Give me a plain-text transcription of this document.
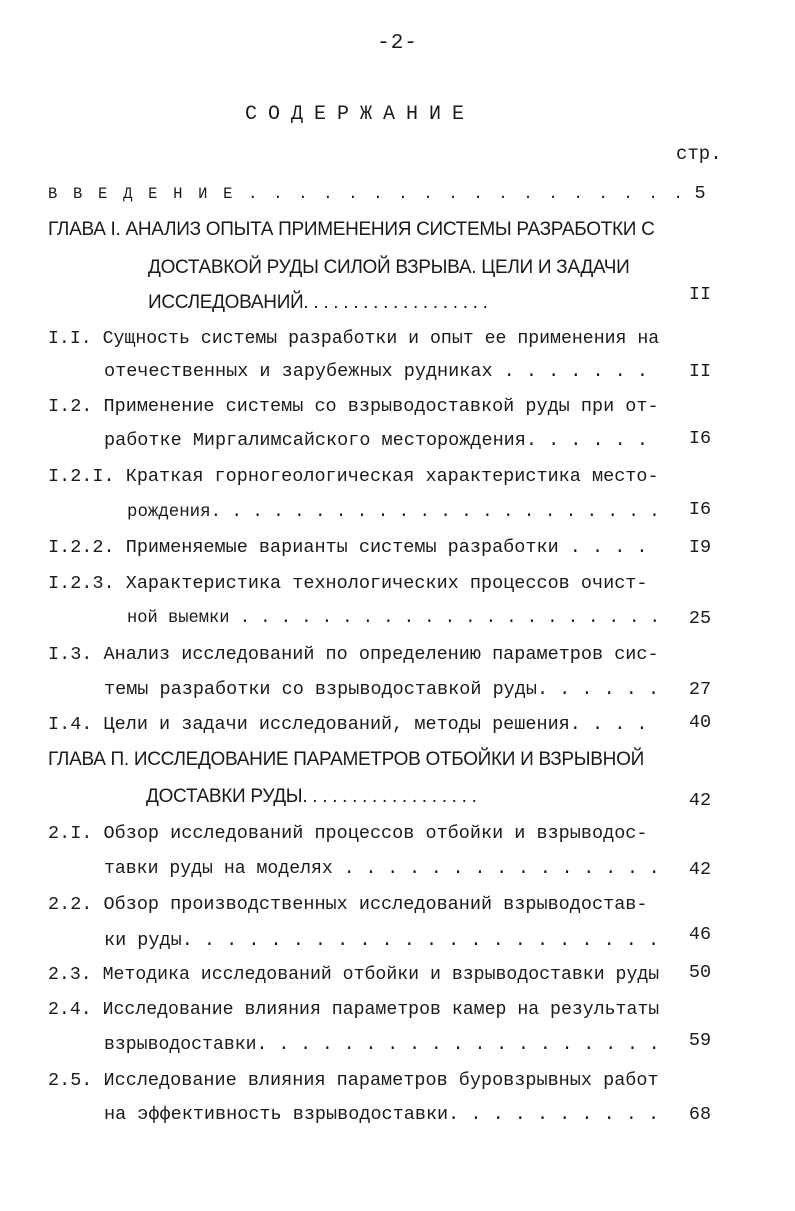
-2-
СОДЕРЖАНИЕ
стр.
В В Е Д Е Н И Е . . . . . . . . . . . . . . . . . . 5
ГЛАВА I. АНАЛИЗ ОПЫТА ПРИМЕНЕНИЯ СИСТЕМЫ РАЗРАБОТКИ С
ДОСТАВКОЙ РУДЫ СИЛОЙ ВЗРЫВА. ЦЕЛИ И ЗАДАЧИ
ИССЛЕДОВАНИЙ. . . . . . . . . . . . . . . . . . .	II
I.I. Сущность системы разработки и опыт ее применения на
отечественных и зарубежных рудниках . . . . . . .	II
I.2. Применение системы со взрыводоставкой руды при от-
работке Миргалимсайского месторождения. . . . . .	I6
I.2.I. Краткая горногеологическая характеристика место-
рождения. . . . . . . . . . . . . . . . . . . . . .	I6
I.2.2. Применяемые варианты системы разработки . . . .	I9
I.2.3. Характеристика технологических процессов очист-
ной выемки . . . . . . . . . . . . . . . . . . . . .	25
I.3. Анализ исследований по определению параметров сис-
темы разработки со взрыводоставкой руды. . . . . .	27
I.4. Цели и задачи исследований, методы решения. . . .	40
ГЛАВА П. ИССЛЕДОВАНИЕ ПАРАМЕТРОВ ОТБОЙКИ И ВЗРЫВНОЙ
ДОСТАВКИ РУДЫ. . . . . . . . . . . . . . . . . .	42
2.I. Обзор исследований процессов отбойки и взрыводос-
тавки руды на моделях . . . . . . . . . . . . . . .	42
2.2. Обзор производственных исследований взрыводостав-
ки руды. . . . . . . . . . . . . . . . . . . . . .	46
2.3. Методика исследований отбойки и взрыводоставки руды	50
2.4. Исследование влияния параметров камер на результаты
взрыводоставки. . . . . . . . . . . . . . . . . . .	59
2.5. Исследование влияния параметров буровзрывных работ
на эффективность взрыводоставки. . . . . . . . . .	68
